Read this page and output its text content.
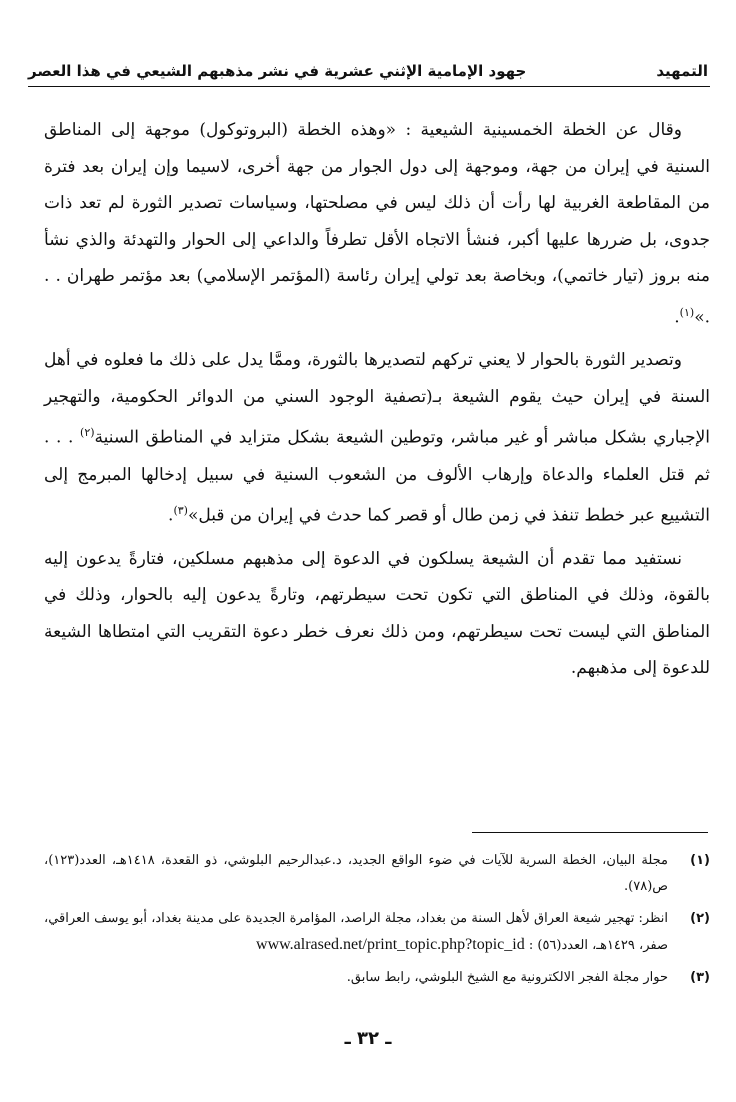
التمهيد
جهود الإمامية الإثني عشرية في نشر مذهبهم الشيعي في هذا العصر

وقال عن الخطة الخمسينية الشيعية : «وهذه الخطة (البروتوكول) موجهة إلى المناطق السنية في إيران من جهة، وموجهة إلى دول الجوار من جهة أخرى، لاسيما وإن إيران بعد فترة من المقاطعة الغربية لها رأت أن ذلك ليس في مصلحتها، وسياسات تصدير الثورة لم تعد ذات جدوى، بل ضررها عليها أكبر، فنشأ الاتجاه الأقل تطرفاً والداعي إلى الحوار والتهدئة والذي نشأ منه بروز (تيار خاتمي)، وبخاصة بعد تولي إيران رئاسة (المؤتمر الإسلامي) بعد مؤتمر طهران . . .»$^{(١)}$.

وتصدير الثورة بالحوار لا يعني تركهم لتصديرها بالثورة، وممَّا يدل على ذلك ما فعلوه في أهل السنة في إيران حيث يقوم الشيعة بـ(تصفية الوجود السني من الدوائر الحكومية، والتهجير الإجباري بشكل مباشر أو غير مباشر، وتوطين الشيعة بشكل متزايد في المناطق السنية$^{(٢)}$ . . . ثم قتل العلماء والدعاة وإرهاب الألوف من الشعوب السنية في سبيل إدخالها المبرمج إلى التشييع عبر خطط تنفذ في زمن طال أو قصر كما حدث في إيران من قبل»$^{(٣)}$.

نستفيد مما تقدم أن الشيعة يسلكون في الدعوة إلى مذهبهم مسلكين، فتارةً يدعون إليه بالقوة، وذلك في المناطق التي تكون تحت سيطرتهم، وتارةً يدعون إليه بالحوار، وذلك في المناطق التي ليست تحت سيطرتهم، ومن ذلك نعرف خطر دعوة التقريب التي امتطاها الشيعة للدعوة إلى مذهبهم.

(١)
مجلة البيان، الخطة السرية للآيات في ضوء الواقع الجديد، د.عبدالرحيم البلوشي، ذو القعدة، ١٤١٨هـ، العدد(١٢٣)، ص(٧٨).
(٢)
انظر: تهجير شيعة العراق لأهل السنة من بغداد، مجلة الراصد، المؤامرة الجديدة على مدينة بغداد، أبو يوسف العراقي، صفر، ١٤٢٩هـ، العدد(٥٦) : www.alrased.net/print_topic.php?topic_id
(٣)
حوار مجلة الفجر الالكترونية مع الشيخ البلوشي، رابط سابق.
ـ ٣٢ ـ
